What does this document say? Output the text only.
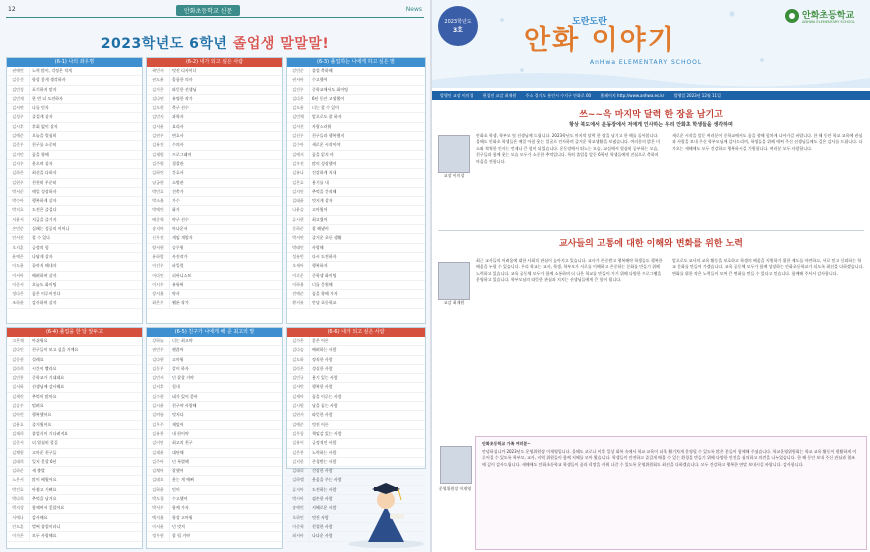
12	안화초등학교 신문	News
2023학년도 6학년 졸업생 말말말!
(6-1) 나의 좌우명
권예린	노력 많이, 걱정은 적게
김동건	항상 좋게 생각하자
김민성	포기하지 말자
김민재	한 번 더 도전하자
김서연	나를 믿자
김성우	즐겁게 살자
김시후	후회 없이 살자
김예준	오늘을 열심히
김준우	친구를 소중히
김지민	꿈을 향해
김지우	웃으며 살자
김하은	최선을 다하자
김현우	천천히 꾸준히
박서준	매일 성장하자
박수아	행복하게 살자
박지호	도전은 즐겁다
서윤서	지금을 즐기자
손민준	실패는 성공의 어머니
안서진	할 수 있다
오지훈	긍정의 힘
윤예은	나답게 살자
이도윤	끝까지 해내자
이서아	배려하며 살자
이준서	오늘도 화이팅
정다은	꿈은 이루어진다
조하윤	감사하며 살자
(6-2) 내가 되고 싶은 사람
곽민서	멋진 디자이너
권도윤	훌륭한 의사
김가은	따뜻한 선생님
김나연	유명한 작가
김도현	축구 선수
김민지	과학자
김서윤	요리사
김연우	변호사
김유진	수의사
김재원	프로그래머
김주원	경찰관
김하린	간호사
남궁현	소방관
박민호	건축가
박소율	가수
박예린	화가
배준혁	야구 선수
송지아	아나운서
신우진	게임 개발자
양서현	승무원
유하람	사진작가
이건우	파일럿
이다인	피아니스트
이시우	유튜버
장서율	약사
최은우	웹툰 작가
(6-3) 졸업하는 나에게 하고 싶은 말
강민준	졸업 축하해
권서아	수고했어
김건우	중학교에서도 화이팅
김다온	6년 동안 고생했어
김도윤	너는 할 수 있어
김민채	앞으로도 잘 하자
김서진	자랑스러워
김선우	친구들과 행복했지
김수아	새로운 시작이야
김예서	꿈을 잃지 마
김우진	많이 성장했어
김유나	건강하게 지내
김은호	용기를 내
김지안	추억을 간직해
김태윤	멋지게 살자
나윤슬	고마웠어
류시현	최고였어
문하준	잘 해냈어
박서연	즐거운 초등 생활
박태민	사랑해
성유빈	다시 도전하자
오세아	행복하자
이로운	중학생 화이팅
이하율	너를 응원해
전예준	꿈을 향해 가자
황지유	안녕 초등학교
(6-4) 졸업을 한 달 앞두고
고은채	아쉬워요
김다인	친구들이 보고 싶을 거예요
김동현	설레요
김라희	시간이 빨라요
김민찬	중학교가 기대돼요
김서하	선생님께 감사해요
김세린	추억이 많아요
김승우	떨려요
김아린	행복했어요
김윤호	즐거웠어요
김재희	졸업식이 기다려져요
김준서	더 열심히 할걸
김채원	고마운 친구들
김태희	잊지 못할 6년
김하준	새 출발
노은서	많이 배웠어요
박건호	아쉽고 기뻐요
박다희	추억을 남겨요
박지성	함께여서 좋았어요
서예나	감사해요
안도훈	벌써 졸업이라니
이가은	모두 사랑해요
(6-5) 친구가 나에게 해 준 최고의 말
강하늘	너는 최고야
권민우	괜찮아
김다현	고마워
김동우	같이 하자
김민서	넌 잘할 거야
김서후	힘내
김수현	네가 있어 좋아
김시윤	친구야 사랑해
김여름	멋지다
김우주	재밌어
김유찬	내 편이야
김이안	최고의 친구
김재윤	대단해
김주아	넌 특별해
김채아	잘했어
김태오	웃는 게 예뻐
김하윤	믿어
박도경	수고했어
박서우	함께 가자
백지율	항상 고마워
이서윤	넌 멋져
정우현	잘 될 거야
(6-6) 내가 되고 싶은 사람
김가온	좋은 어른
김다솜	배려하는 사람
김도하	정직한 사람
김라온	성실한 사람
김민규	용기 있는 사람
김서빈	행복한 사람
김세아	꿈을 이루는 사람
김시원	남을 돕는 사람
김연서	따뜻한 사람
김예준	멋진 어른
김우림	책임감 있는 사람
김유이	긍정적인 사람
김은찬	노력하는 사람
김지한	존경받는 사람
김태리	건강한 사람
김하엘	웃음을 주는 사람
류지아	도전하는 사람
박시아	겸손한 사람
송예린	지혜로운 사람
오하민	멋진 사람
이준혁	친절한 사람
최서아	나다운 사람
2023학년도
3호
도란도란
안화 이야기
AnHwa ELEMENTARY SCHOOL
안화초등학교
ANHWA ELEMENTARY SCHOOL
발행인 교장 이미경 편집인 교감 최재원 주소 경기도 용인시 수지구 안화로 00 홈페이지 http://www.anhwa.es.kr 발행일 2023년 12월 11일
쓰~~윽 마지막 달력 한 장을 남기고
항상 북도에서 운동장에서 저에게 인사하는 우리 안화초 학생들을 생각하며
교장 이미경
안화초 학생, 학부모 및 선생님께 드립니다. 2023학년도 마지막 달력 한 장을 남기고 한 해를 돌아봅니다. 올해도 안화초 학생들은 매일 아침 웃는 얼굴로 인사하며 즐거운 학교생활을 보냈습니다. 여러분의 밝은 미소와 씩씩한 인사는 언제나 큰 힘이 되었습니다. 운동장에서 뛰노는 모습, 교실에서 열심히 공부하는 모습, 친구들과 함께 웃는 모습 모두가 소중한 추억입니다. 특히 졸업을 앞둔 6학년 학생들에게 진심으로 축하의 마음을 전합니다.
새로운 시작을 앞둔 여러분이 중학교에서도 꿈을 향해 힘차게 나아가길 바랍니다. 한 해 동안 학교 교육에 관심과 사랑을 보내 주신 학부모님께 감사드리며, 학생들을 위해 애써 주신 선생님들께도 깊은 감사를 드립니다. 다가오는 새해에도 모두 건강하고 행복하시길 기원합니다. 여러분 모두 사랑합니다.
교사들의 고통에 대한 이해와 변화를 위한 노력
교감 최재원
최근 교사들의 어려움에 대한 사회적 관심이 높아지고 있습니다. 교사가 존중받고 행복해야 학생들도 행복한 배움을 누릴 수 있습니다. 우리 학교는 교사, 학생, 학부모가 서로를 이해하고 존중하는 문화를 만들기 위해 노력하고 있습니다. 교육 공동체 모두가 함께 소통하며 더 나은 학교를 만들어 가기 위해 다양한 프로그램을 운영하고 있습니다. 학부모님의 따뜻한 관심과 지지는 선생님들에게 큰 힘이 됩니다.
앞으로도 교사의 교육 활동을 보호하고 학생의 배움을 지원하기 위한 제도를 마련하고, 서로 믿고 신뢰하는 학교 문화를 만들어 가겠습니다. 교육 공동체 모두가 함께 성장하는 안화초등학교가 되도록 최선을 다하겠습니다. 변화를 위한 작은 노력들이 모여 큰 변화를 만들 수 있다고 믿습니다. 함께해 주셔서 감사합니다.
운영위원장 이재영
안화초등학교 가족 여러분~
안녕하십니까 2023년도 운영위원장 이재영입니다. 올해도 코로나 이후 일상 회복 속에서 학교 교육이 더욱 활기차게 운영될 수 있도록 많은 분들이 함께해 주셨습니다. 학교운영위원회는 학교 교육 활동이 원활하게 이루어질 수 있도록 학부모, 교사, 지역 위원들이 함께 지혜를 모아 왔습니다. 학생들이 안전하고 즐겁게 배울 수 있는 환경을 만들기 위해 다양한 안건을 심의하고 의견을 나누었습니다. 한 해 동안 보내 주신 관심과 협조에 깊이 감사드립니다. 새해에도 안화초등학교 학생들이 꿈과 희망을 키워 나갈 수 있도록 운영위원회도 최선을 다하겠습니다. 모두 건강하고 행복한 연말 보내시길 바랍니다. 감사합니다.
